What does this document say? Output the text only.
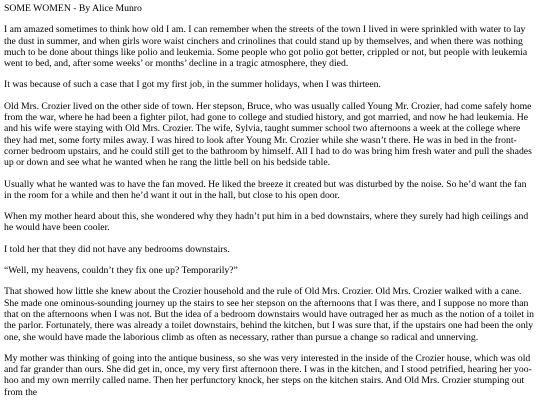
SOME WOMEN - By Alice Munro

I am amazed sometimes to think how old I am. I can remember when the streets of the town I lived in were sprinkled with water to lay the dust in summer, and when girls wore waist cinchers and crinolines that could stand up by themselves, and when there was nothing much to be done about things like polio and leukemia. Some people who got polio got better, crippled or not, but people with leukemia went to bed, and, after some weeks’ or months’ decline in a tragic atmosphere, they died.

It was because of such a case that I got my first job, in the summer holidays, when I was thirteen.

Old Mrs. Crozier lived on the other side of town. Her stepson, Bruce, who was usually called Young Mr. Crozier, had come safely home from the war, where he had been a fighter pilot, had gone to college and studied history, and got married, and now he had leukemia. He and his wife were staying with Old Mrs. Crozier. The wife, Sylvia, taught summer school two afternoons a week at the college where they had met, some forty miles away. I was hired to look after Young Mr. Crozier while she wasn’t there. He was in bed in the front-corner bedroom upstairs, and he could still get to the bathroom by himself. All I had to do was bring him fresh water and pull the shades up or down and see what he wanted when he rang the little bell on his bedside table.

Usually what he wanted was to have the fan moved. He liked the breeze it created but was disturbed by the noise. So he’d want the fan in the room for a while and then he’d want it out in the hall, but close to his open door.

When my mother heard about this, she wondered why they hadn’t put him in a bed downstairs, where they surely had high ceilings and he would have been cooler.

I told her that they did not have any bedrooms downstairs.

“Well, my heavens, couldn’t they fix one up? Temporarily?”

That showed how little she knew about the Crozier household and the rule of Old Mrs. Crozier. Old Mrs. Crozier walked with a cane. She made one ominous-sounding journey up the stairs to see her stepson on the afternoons that I was there, and I suppose no more than that on the afternoons when I was not. But the idea of a bedroom downstairs would have outraged her as much as the notion of a toilet in the parlor. Fortunately, there was already a toilet downstairs, behind the kitchen, but I was sure that, if the upstairs one had been the only one, she would have made the laborious climb as often as necessary, rather than pursue a change so radical and unnerving.

My mother was thinking of going into the antique business, so she was very interested in the inside of the Crozier house, which was old and far grander than ours. She did get in, once, my very first afternoon there. I was in the kitchen, and I stood petrified, hearing her yoo-hoo and my own merrily called name. Then her perfunctory knock, her steps on the kitchen stairs. And Old Mrs. Crozier stumping out from the
